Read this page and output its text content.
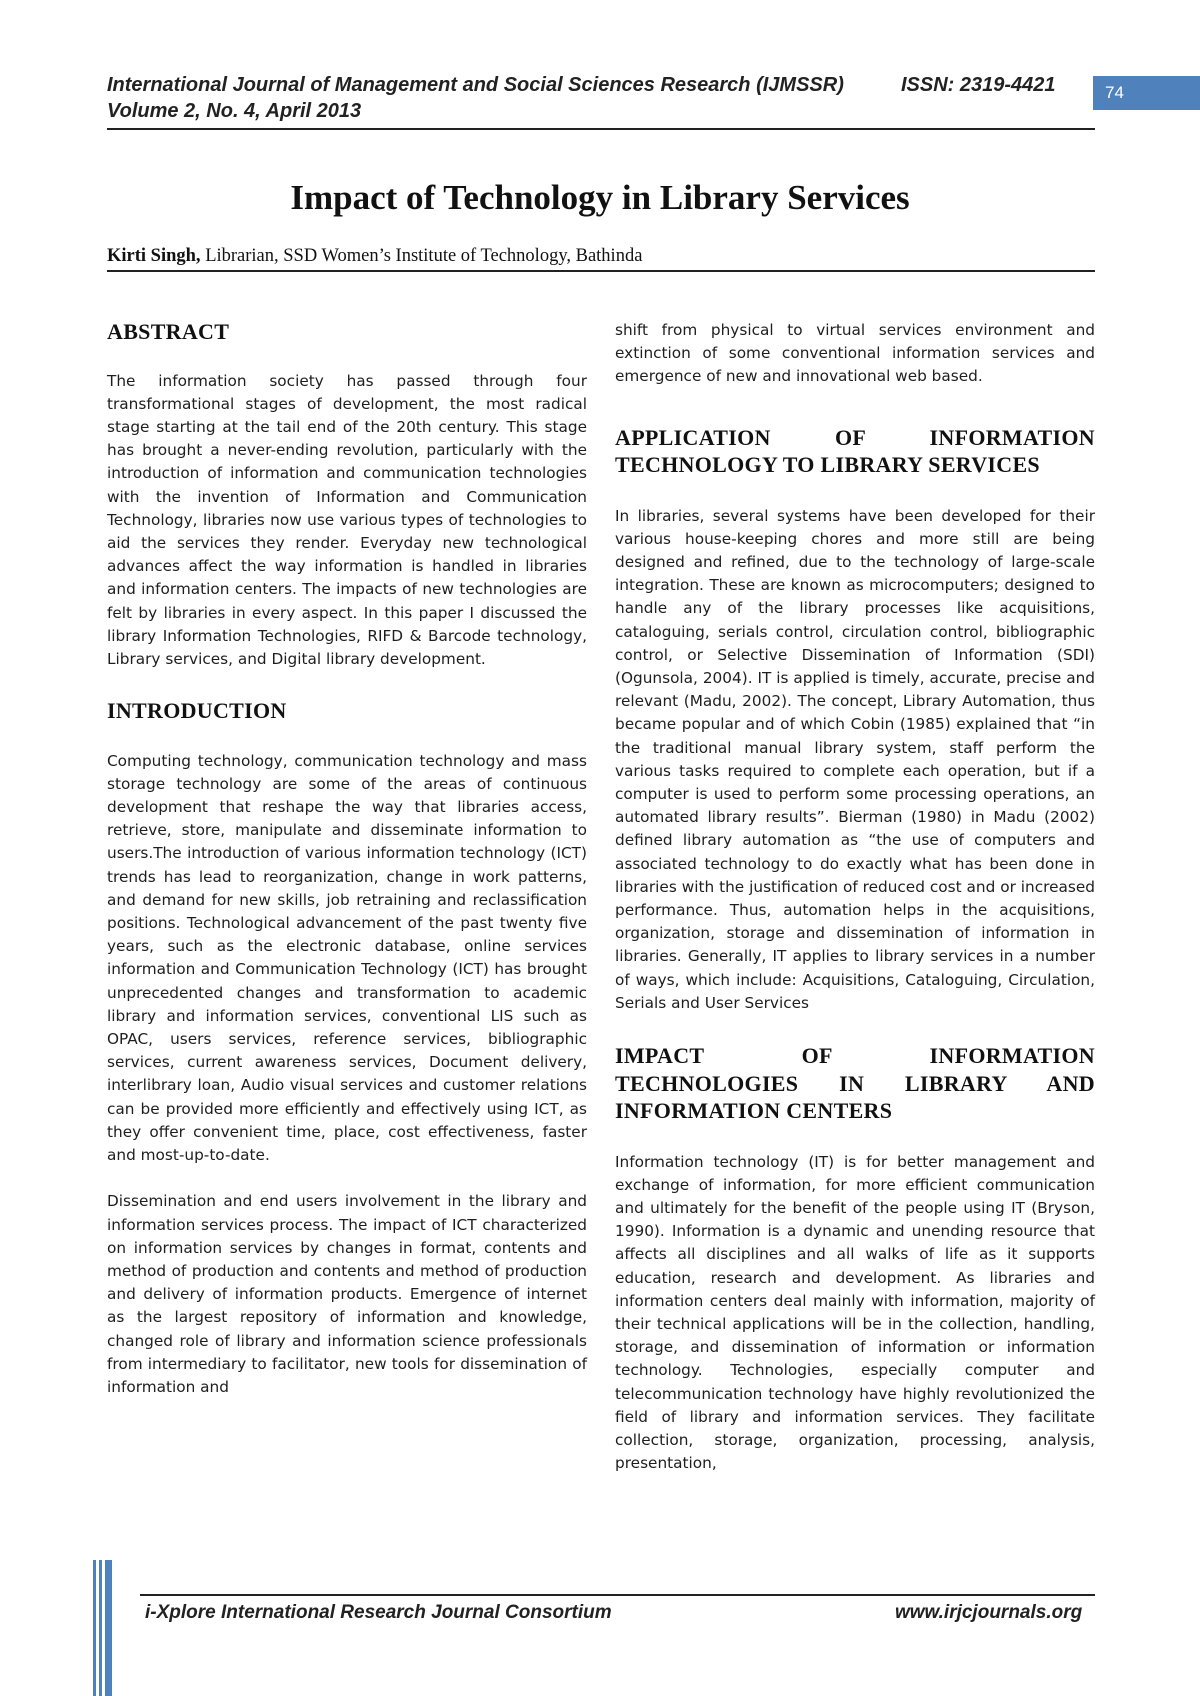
International Journal of Management and Social Sciences Research (IJMSSR)	ISSN: 2319-4421
Volume 2, No. 4, April 2013
74
Impact of Technology in Library Services
Kirti Singh, Librarian, SSD Women’s Institute of Technology, Bathinda
ABSTRACT

The information society has passed through four transformational stages of development, the most radical stage starting at the tail end of the 20th century. This stage has brought a never-ending revolution, particularly with the introduction of information and communication technologies with the invention of Information and Communication Technology, libraries now use various types of technologies to aid the services they render. Everyday new technological advances affect the way information is handled in libraries and information centers. The impacts of new technologies are felt by libraries in every aspect. In this paper I discussed the library Information Technologies, RIFD & Barcode technology, Library services, and Digital library development.

INTRODUCTION

Computing technology, communication technology and mass storage technology are some of the areas of continuous development that reshape the way that libraries access, retrieve, store, manipulate and disseminate information to users.The introduction of various information technology (ICT) trends has lead to reorganization, change in work patterns, and demand for new skills, job retraining and reclassification positions. Technological advancement of the past twenty five years, such as the electronic database, online services information and Communication Technology (ICT) has brought unprecedented changes and transformation to academic library and information services, conventional LIS such as OPAC, users services, reference services, bibliographic services, current awareness services, Document delivery, interlibrary loan, Audio visual services and customer relations can be provided more efficiently and effectively using ICT, as they offer convenient time, place, cost effectiveness, faster and most-up-to-date.

Dissemination and end users involvement in the library and information services process. The impact of ICT characterized on information services by changes in format, contents and method of production and contents and method of production and delivery of information products. Emergence of internet as the largest repository of information and knowledge, changed role of library and information science professionals from intermediary to facilitator, new tools for dissemination of information and

shift from physical to virtual services environment and extinction of some conventional information services and emergence of new and innovational web based.

APPLICATION OF INFORMATION TECHNOLOGY TO LIBRARY SERVICES

In libraries, several systems have been developed for their various house-keeping chores and more still are being designed and refined, due to the technology of large-scale integration. These are known as microcomputers; designed to handle any of the library processes like acquisitions, cataloguing, serials control, circulation control, bibliographic control, or Selective Dissemination of Information (SDI) (Ogunsola, 2004). IT is applied is timely, accurate, precise and relevant (Madu, 2002). The concept, Library Automation, thus became popular and of which Cobin (1985) explained that “in the traditional manual library system, staff perform the various tasks required to complete each operation, but if a computer is used to perform some processing operations, an automated library results”. Bierman (1980) in Madu (2002) defined library automation as “the use of computers and associated technology to do exactly what has been done in libraries with the justification of reduced cost and or increased performance. Thus, automation helps in the acquisitions, organization, storage and dissemination of information in libraries. Generally, IT applies to library services in a number of ways, which include: Acquisitions, Cataloguing, Circulation, Serials and User Services

IMPACT OF INFORMATION TECHNOLOGIES IN LIBRARY AND INFORMATION CENTERS

Information technology (IT) is for better management and exchange of information, for more efficient communication and ultimately for the benefit of the people using IT (Bryson, 1990). Information is a dynamic and unending resource that affects all disciplines and all walks of life as it supports education, research and development. As libraries and information centers deal mainly with information, majority of their technical applications will be in the collection, handling, storage, and dissemination of information or information technology. Technologies, especially computer and telecommunication technology have highly revolutionized the field of library and information services. They facilitate collection, storage, organization, processing, analysis, presentation,

i-Xplore International Research Journal Consortium	www.irjcjournals.org
